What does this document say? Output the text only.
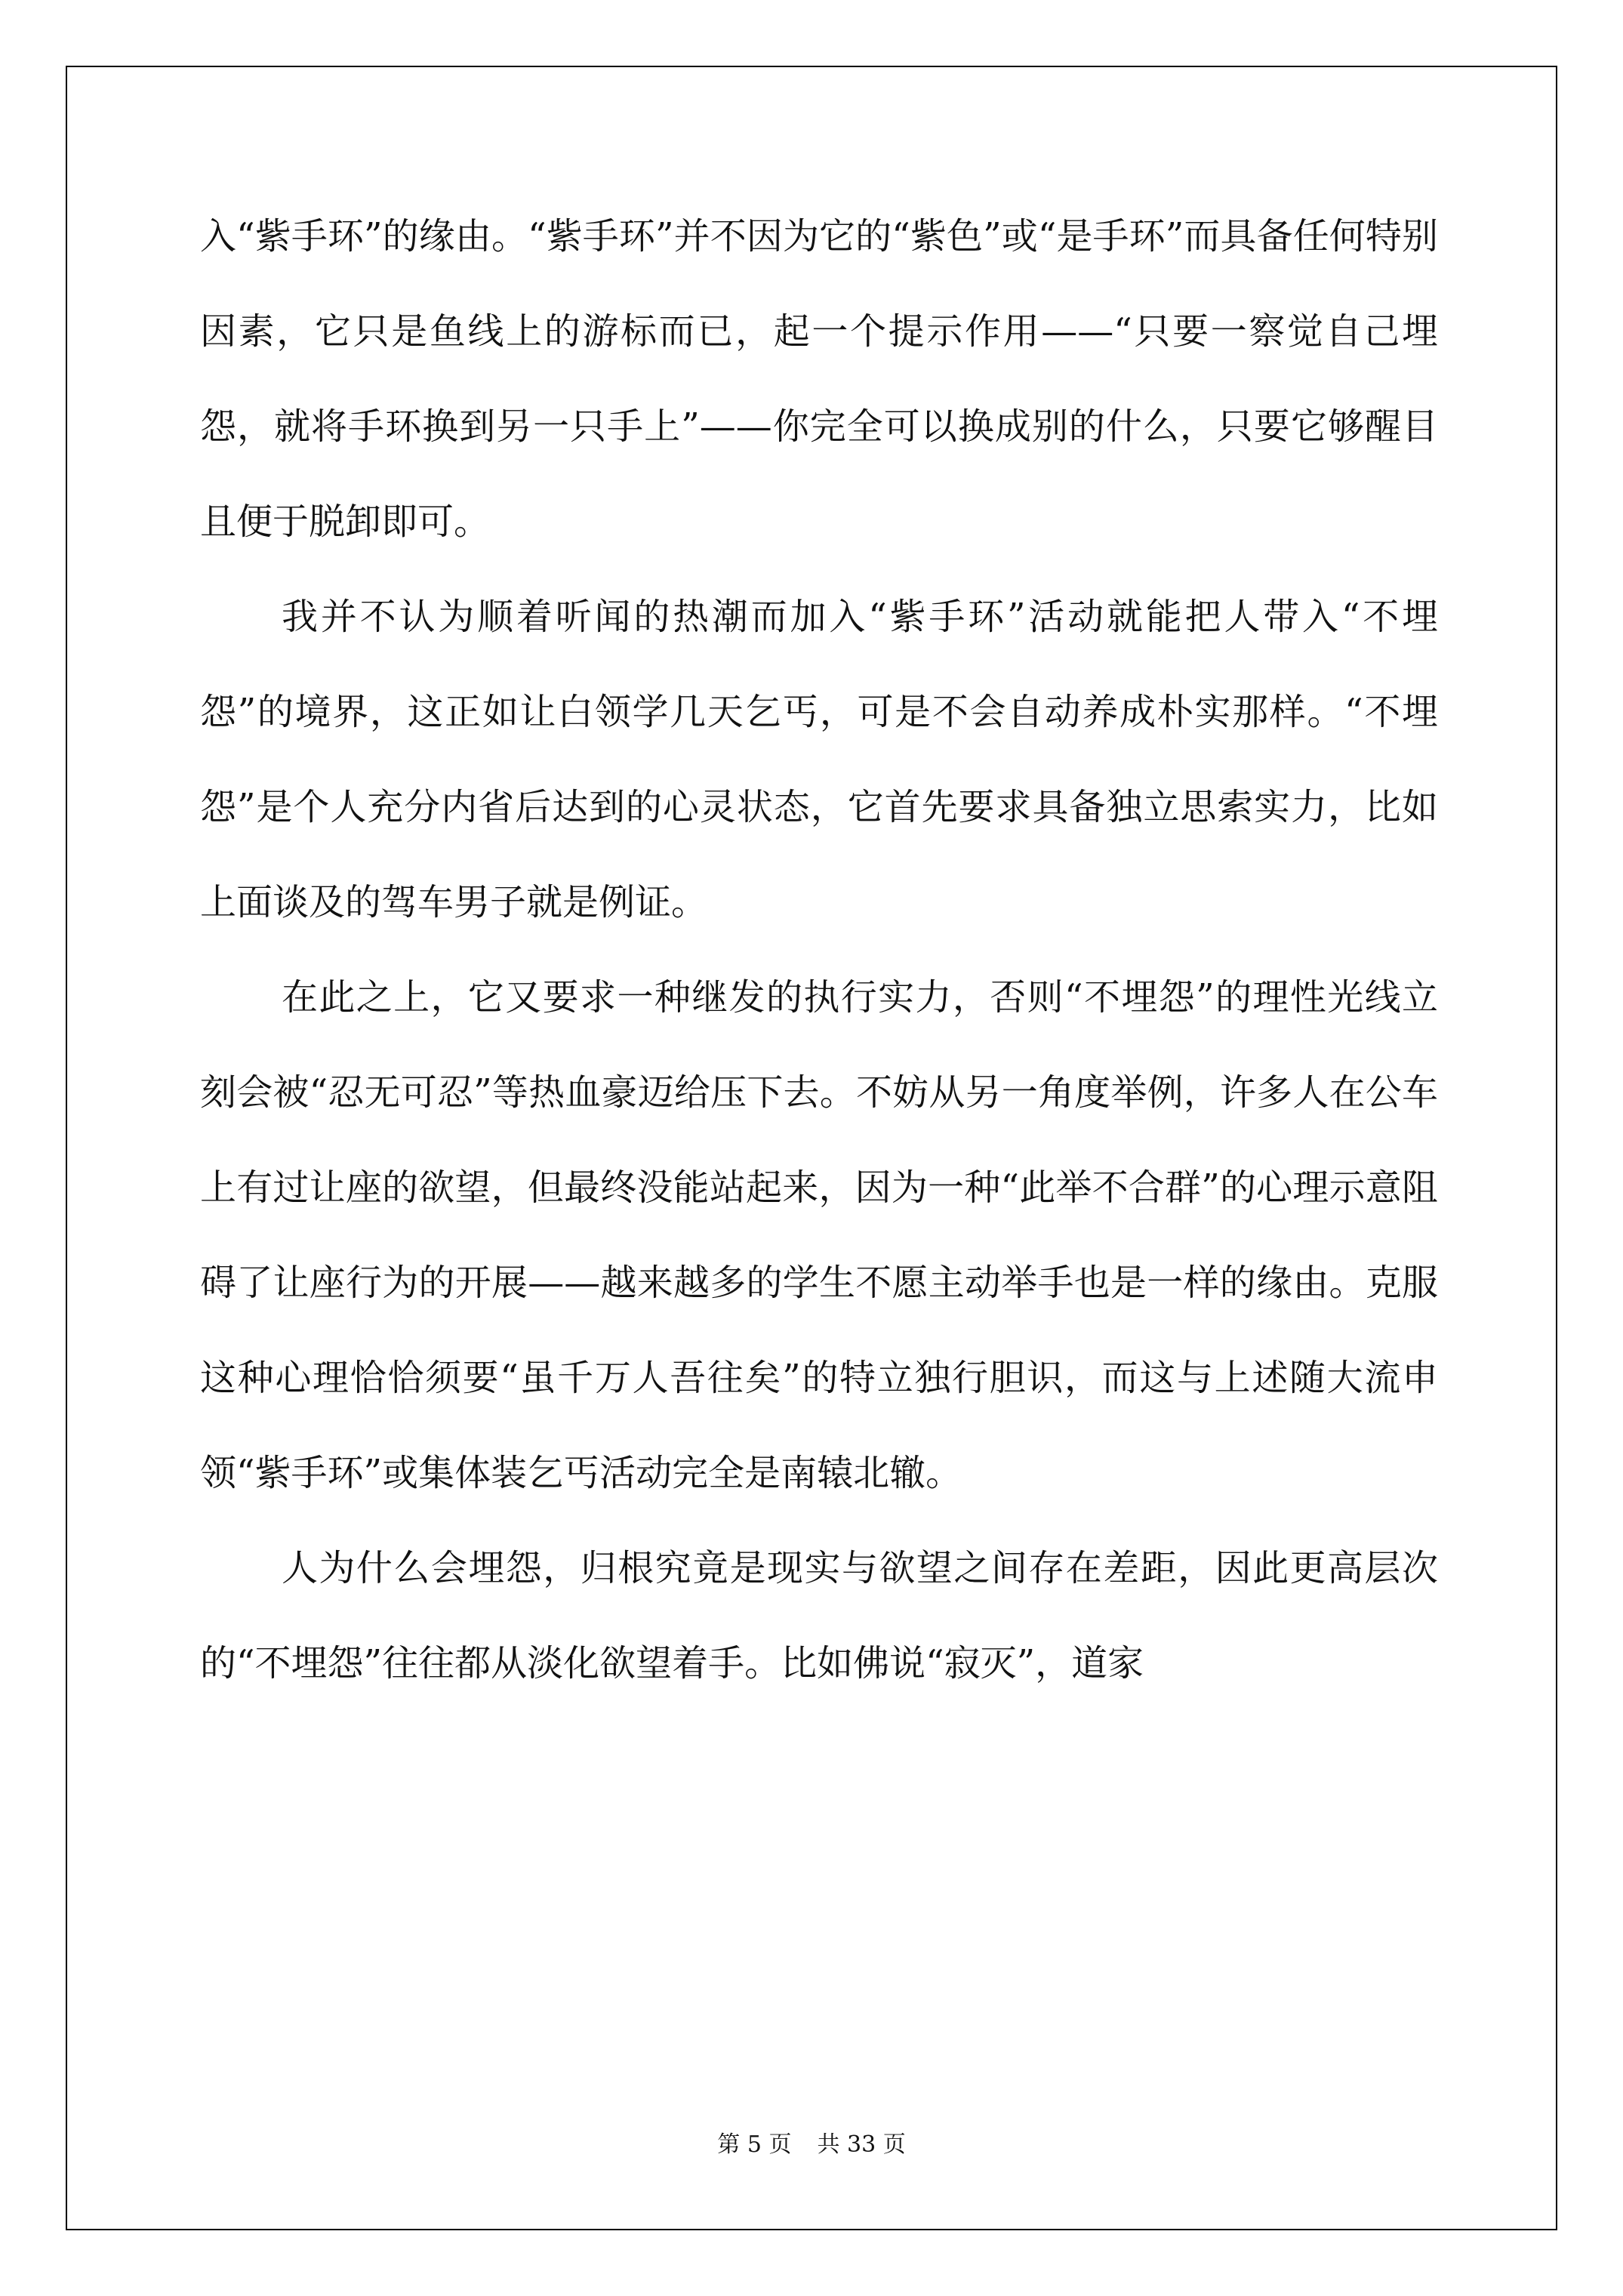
入“紫手环”的缘由。“紫手环”并不因为它的“紫色”或“是手环”而具备任何特别因素，它只是鱼线上的游标而已，起一个提示作用——“只要一察觉自己埋怨，就将手环换到另一只手上”——你完全可以换成别的什么，只要它够醒目且便于脱卸即可。

我并不认为顺着听闻的热潮而加入“紫手环”活动就能把人带入“不埋怨”的境界，这正如让白领学几天乞丐，可是不会自动养成朴实那样。“不埋怨”是个人充分内省后达到的心灵状态，它首先要求具备独立思索实力，比如上面谈及的驾车男子就是例证。

在此之上，它又要求一种继发的执行实力，否则“不埋怨”的理性光线立刻会被“忍无可忍”等热血豪迈给压下去。不妨从另一角度举例，许多人在公车上有过让座的欲望，但最终没能站起来，因为一种“此举不合群”的心理示意阻碍了让座行为的开展——越来越多的学生不愿主动举手也是一样的缘由。克服这种心理恰恰须要“虽千万人吾往矣”的特立独行胆识，而这与上述随大流申领“紫手环”或集体装乞丐活动完全是南辕北辙。

人为什么会埋怨，归根究竟是现实与欲望之间存在差距，因此更高层次的“不埋怨”往往都从淡化欲望着手。比如佛说“寂灭”，道家

第 5 页 共 33 页
